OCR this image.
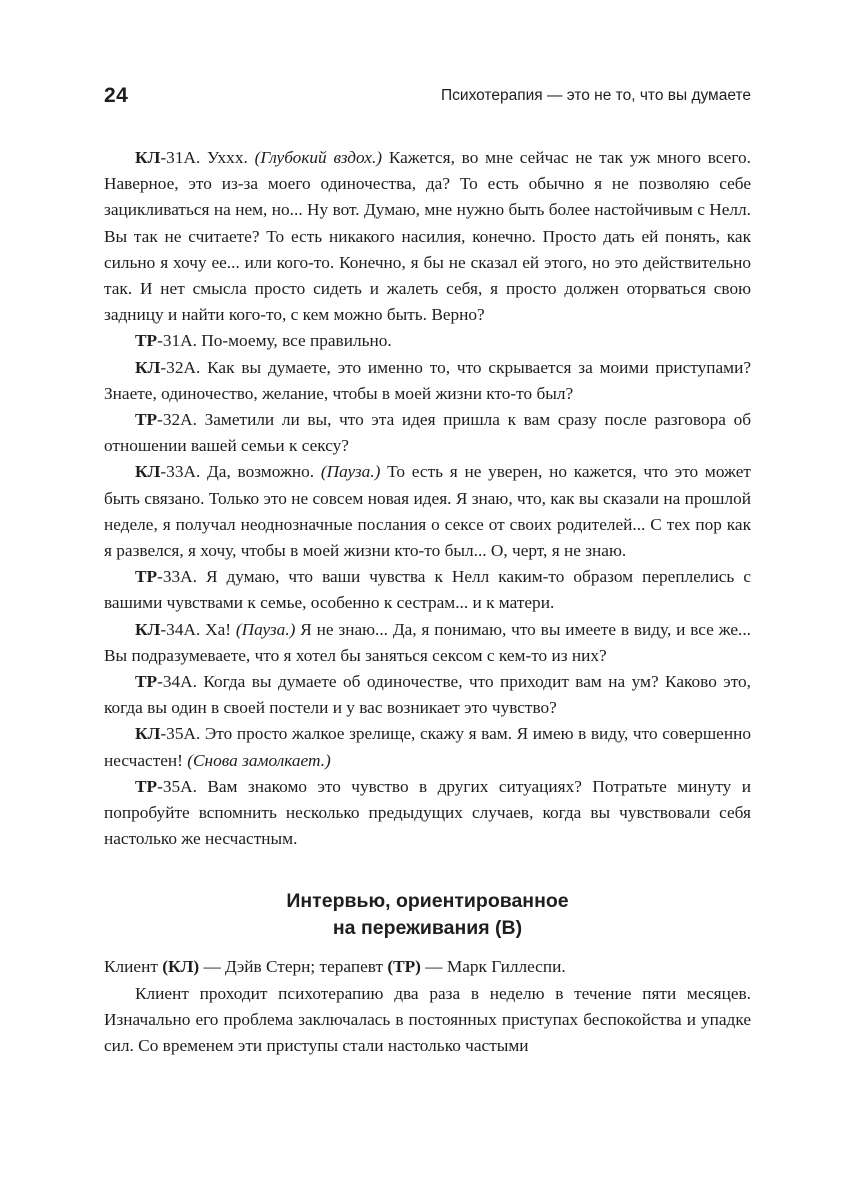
24	Психотерапия — это не то, что вы думаете

КЛ-31А. Уххх. (Глубокий вздох.) Кажется, во мне сейчас не так уж много всего. Наверное, это из-за моего одиночества, да? То есть обычно я не позволяю себе зацикливаться на нем, но... Ну вот. Думаю, мне нужно быть более настойчивым с Нелл. Вы так не считаете? То есть никакого насилия, конечно. Просто дать ей понять, как сильно я хочу ее... или кого-то. Конечно, я бы не сказал ей этого, но это действительно так. И нет смысла просто сидеть и жалеть себя, я просто должен оторваться свою задницу и найти кого-то, с кем можно быть. Верно?

ТР-31А. По-моему, все правильно.

КЛ-32А. Как вы думаете, это именно то, что скрывается за моими приступами? Знаете, одиночество, желание, чтобы в моей жизни кто-то был?

ТР-32А. Заметили ли вы, что эта идея пришла к вам сразу после разговора об отношении вашей семьи к сексу?

КЛ-33А. Да, возможно. (Пауза.) То есть я не уверен, но кажется, что это может быть связано. Только это не совсем новая идея. Я знаю, что, как вы сказали на прошлой неделе, я получал неоднозначные послания о сексе от своих родителей... С тех пор как я развелся, я хочу, чтобы в моей жизни кто-то был... О, черт, я не знаю.

ТР-33А. Я думаю, что ваши чувства к Нелл каким-то образом переплелись с вашими чувствами к семье, особенно к сестрам... и к матери.

КЛ-34А. Ха! (Пауза.) Я не знаю... Да, я понимаю, что вы имеете в виду, и все же... Вы подразумеваете, что я хотел бы заняться сексом с кем-то из них?

ТР-34А. Когда вы думаете об одиночестве, что приходит вам на ум? Каково это, когда вы один в своей постели и у вас возникает это чувство?

КЛ-35А. Это просто жалкое зрелище, скажу я вам. Я имею в виду, что совершенно несчастен! (Снова замолкает.)

ТР-35А. Вам знакомо это чувство в других ситуациях? Потратьте минуту и попробуйте вспомнить несколько предыдущих случаев, когда вы чувствовали себя настолько же несчастным.

Интервью, ориентированное
на переживания (В)

Клиент (КЛ) — Дэйв Стерн; терапевт (ТР) — Марк Гиллеспи.

Клиент проходит психотерапию два раза в неделю в течение пяти месяцев. Изначально его проблема заключалась в постоянных приступах беспокойства и упадке сил. Со временем эти приступы стали настолько частыми
